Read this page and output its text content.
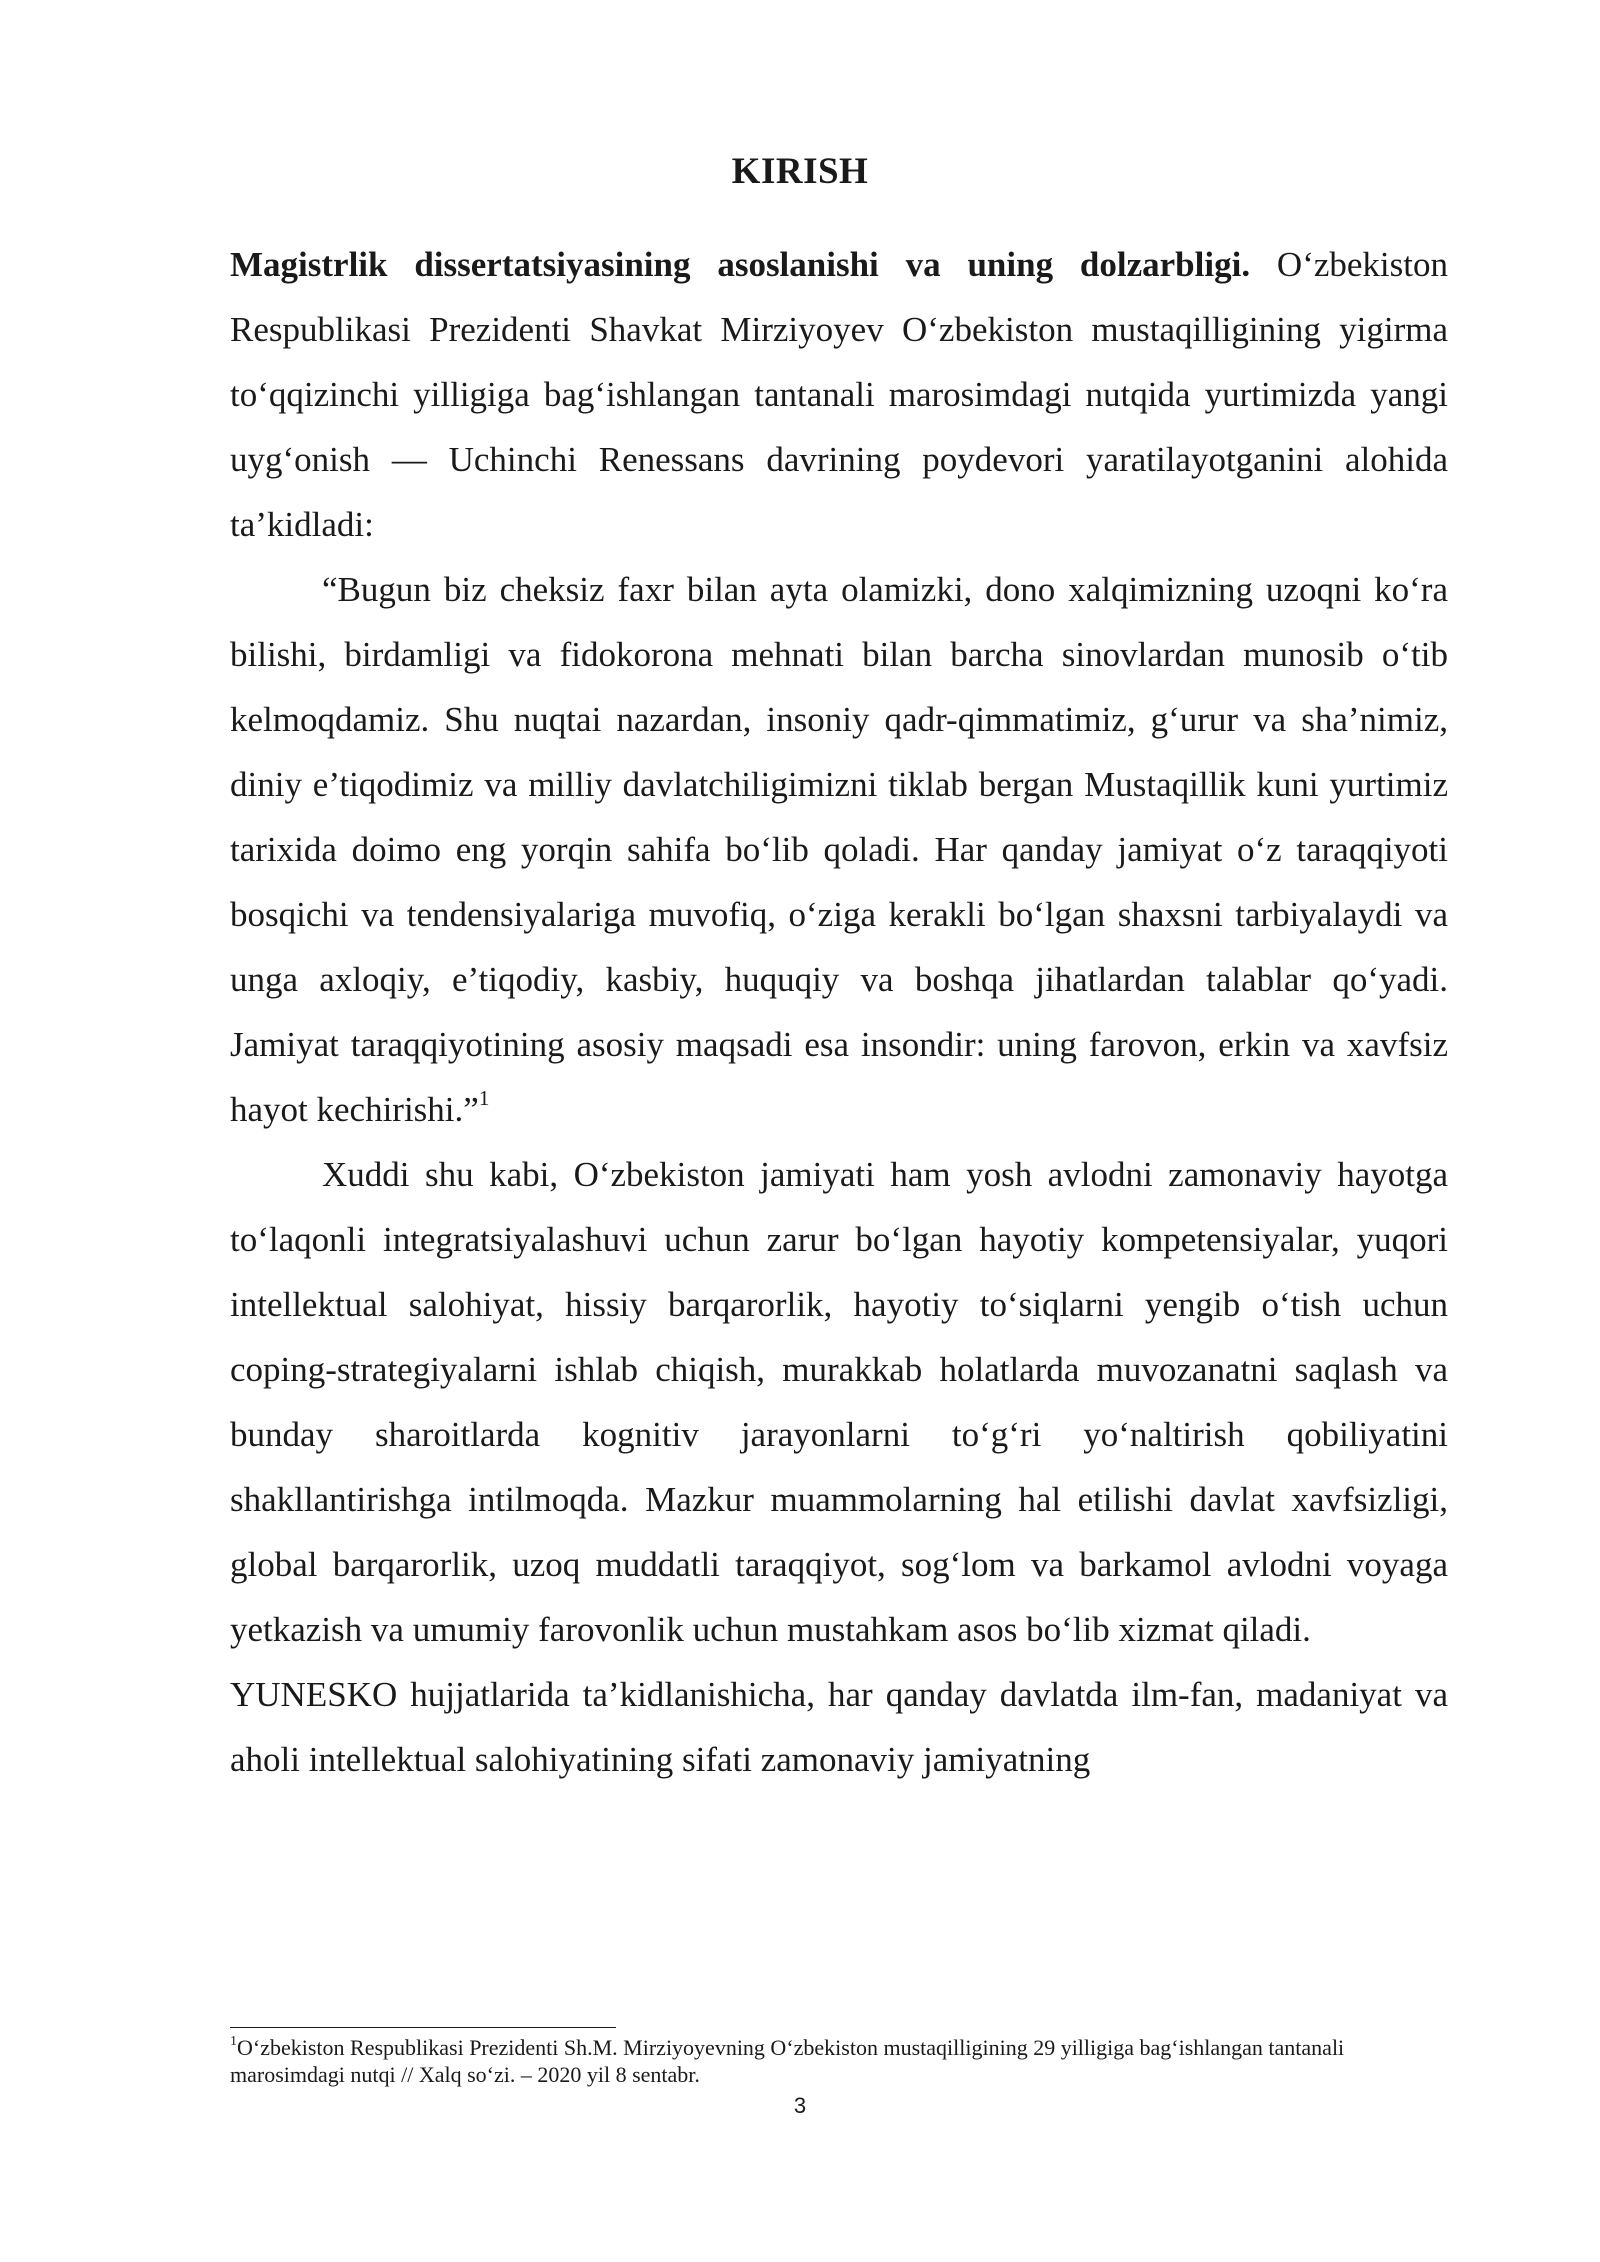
KIRISH

Magistrlik dissertatsiyasining asoslanishi va uning dolzarbligi. O‘zbekiston Respublikasi Prezidenti Shavkat Mirziyoyev O‘zbekiston mustaqilligining yigirma to‘qqizinchi yilligiga bag‘ishlangan tantanali marosimdagi nutqida yurtimizda yangi uyg‘onish — Uchinchi Renessans davrining poydevori yaratilayotganini alohida ta’kidladi:

“Bugun biz cheksiz faxr bilan ayta olamizki, dono xalqimizning uzoqni ko‘ra bilishi, birdamligi va fidokorona mehnati bilan barcha sinovlardan munosib o‘tib kelmoqdamiz. Shu nuqtai nazardan, insoniy qadr-qimmatimiz, g‘urur va sha’nimiz, diniy e’tiqodimiz va milliy davlatchiligimizni tiklab bergan Mustaqillik kuni yurtimiz tarixida doimo eng yorqin sahifa bo‘lib qoladi. Har qanday jamiyat o‘z taraqqiyoti bosqichi va tendensiyalariga muvofiq, o‘ziga kerakli bo‘lgan shaxsni tarbiyalaydi va unga axloqiy, e’tiqodiy, kasbiy, huquqiy va boshqa jihatlardan talablar qo‘yadi. Jamiyat taraqqiyotining asosiy maqsadi esa insondir: uning farovon, erkin va xavfsiz hayot kechirishi.”$^1$

Xuddi shu kabi, O‘zbekiston jamiyati ham yosh avlodni zamonaviy hayotga to‘laqonli integratsiyalashuvi uchun zarur bo‘lgan hayotiy kompetensiyalar, yuqori intellektual salohiyat, hissiy barqarorlik, hayotiy to‘siqlarni yengib o‘tish uchun coping-strategiyalarni ishlab chiqish, murakkab holatlarda muvozanatni saqlash va bunday sharoitlarda kognitiv jarayonlarni to‘g‘ri yo‘naltirish qobiliyatini shakllantirishga intilmoqda. Mazkur muammolarning hal etilishi davlat xavfsizligi, global barqarorlik, uzoq muddatli taraqqiyot, sog‘lom va barkamol avlodni voyaga yetkazish va umumiy farovonlik uchun mustahkam asos bo‘lib xizmat qiladi.

YUNESKO hujjatlarida ta’kidlanishicha, har qanday davlatda ilm-fan, madaniyat va aholi intellektual salohiyatining sifati zamonaviy jamiyatning

$^1$O‘zbekiston Respublikasi Prezidenti Sh.M. Mirziyoyevning O‘zbekiston mustaqilligining 29 yilligiga bag‘ishlangan tantanali marosimdagi nutqi // Xalq so‘zi. – 2020 yil 8 sentabr.
3
